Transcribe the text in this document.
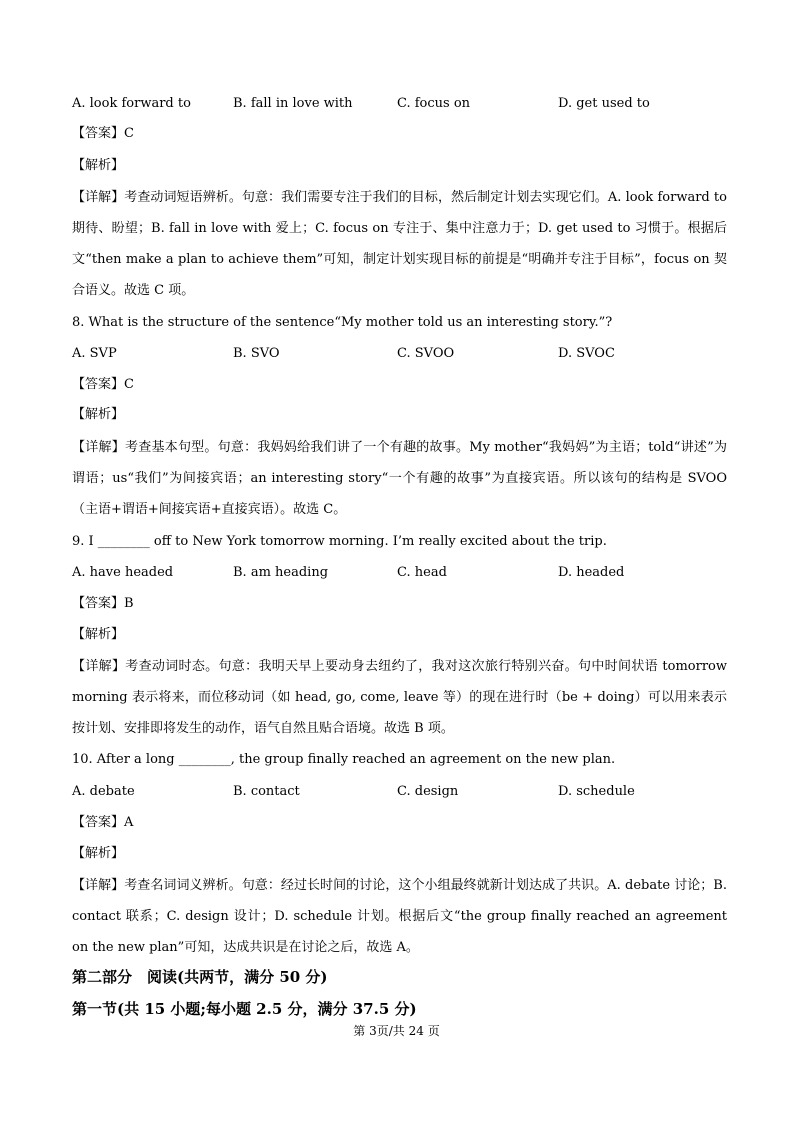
A. look forward to	B. fall in love with	C. focus on	D. get used to
【答案】C
【解析】
【详解】考查动词短语辨析。句意：我们需要专注于我们的目标，然后制定计划去实现它们。A. look forward to 期待、盼望；B. fall in love with 爱上；C. focus on 专注于、集中注意力于；D. get used to 习惯于。根据后文“then make a plan to achieve them”可知，制定计划实现目标的前提是“明确并专注于目标”，focus on 契合语义。故选 C 项。
8. What is the structure of the sentence“My mother told us an interesting story.”?
A. SVP	B. SVO	C. SVOO	D. SVOC
【答案】C
【解析】
【详解】考查基本句型。句意：我妈妈给我们讲了一个有趣的故事。My mother“我妈妈”为主语；told“讲述”为谓语；us“我们”为间接宾语；an interesting story“一个有趣的故事”为直接宾语。所以该句的结构是 SVOO（主语+谓语+间接宾语+直接宾语）。故选 C。
9. I ________ off to New York tomorrow morning. I’m really excited about the trip.
A. have headed	B. am heading	C. head	D. headed
【答案】B
【解析】
【详解】考查动词时态。句意：我明天早上要动身去纽约了，我对这次旅行特别兴奋。句中时间状语 tomorrow morning 表示将来，而位移动词（如 head, go, come, leave 等）的现在进行时（be + doing）可以用来表示按计划、安排即将发生的动作，语气自然且贴合语境。故选 B 项。
10. After a long ________, the group finally reached an agreement on the new plan.
A. debate	B. contact	C. design	D. schedule
【答案】A
【解析】
【详解】考查名词词义辨析。句意：经过长时间的讨论，这个小组最终就新计划达成了共识。A. debate 讨论；B. contact 联系；C. design 设计；D. schedule 计划。根据后文“the group finally reached an agreement on the new plan”可知，达成共识是在讨论之后，故选 A。
第二部分　阅读(共两节，满分 50 分)
第一节(共 15 小题;每小题 2.5 分，满分 37.5 分)
第 3页/共 24 页
